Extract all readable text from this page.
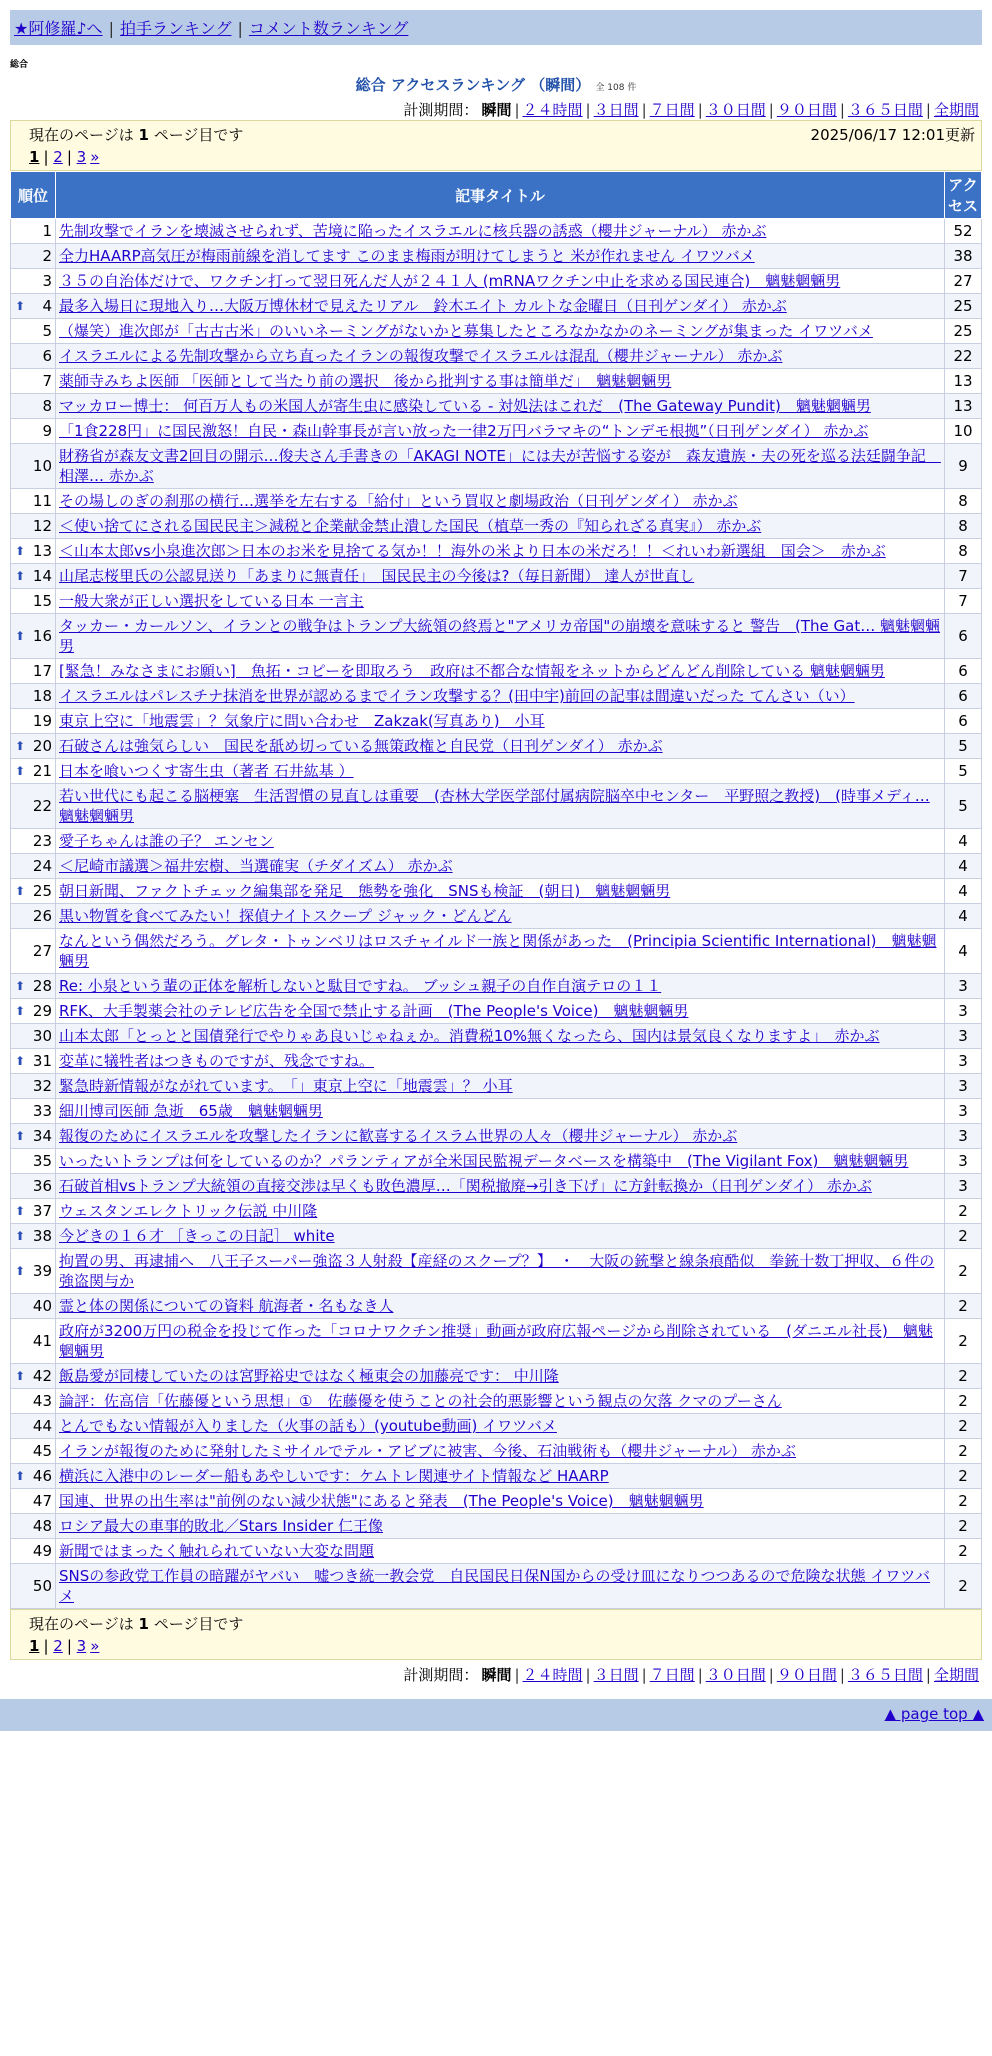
★阿修羅♪へ | 拍手ランキング | コメント数ランキング
総合
総合 アクセスランキング （瞬間） 全 108 件
計測期間： 瞬間 | ２４時間 | ３日間 | ７日間 | ３０日間 | ９０日間 | ３６５日間 | 全期間
現在のページは 1 ページ目です	2025/06/17 12:01更新
1 | 2 | 3 »
順位	記事タイトル	アクセス
1	先制攻撃でイランを壊滅させられず、苦境に陥ったイスラエルに核兵器の誘惑（櫻井ジャーナル） 赤かぶ	52
2	全力HAARP高気圧が梅雨前線を消してます このまま梅雨が明けてしまうと 米が作れません イワツバメ	38
3	３５の自治体だけで、ワクチン打って翌日死んだ人が２４１人 (mRNAワクチン中止を求める国民連合)　魑魅魍魎男	27

⬆ 4	最多入場日に現地入り…大阪万博休材で見えたリアル　鈴木エイト カルトな金曜日（日刊ゲンダイ） 赤かぶ	25
5	（爆笑）進次郎が「古古古米」のいいネーミングがないかと募集したところなかなかのネーミングが集まった イワツバメ	25
6	イスラエルによる先制攻撃から立ち直ったイランの報復攻撃でイスラエルは混乱（櫻井ジャーナル） 赤かぶ	22
7	薬師寺みちよ医師 「医師として当たり前の選択　後から批判する事は簡単だ」　魑魅魍魎男	13
8	マッカロー博士： 何百万人もの米国人が寄生虫に感染している - 対処法はこれだ　(The Gateway Pundit)　魑魅魍魎男	13
9	「1食228円」に国民激怒！自民・森山幹事長が言い放った一律2万円バラマキの“トンデモ根拠”（日刊ゲンダイ） 赤かぶ	10
10	財務省が森友文書2回目の開示…俊夫さん手書きの「AKAGI NOTE」には夫が苦悩する姿が　森友遺族・夫の死を巡る法廷闘争記　相澤… 赤かぶ	9
11	その場しのぎの刹那の横行…選挙を左右する「給付」という買収と劇場政治（日刊ゲンダイ） 赤かぶ	8
12	＜使い捨てにされる国民民主＞減税と企業献金禁止潰した国民（植草一秀の『知られざる真実』） 赤かぶ	8

⬆ 13	＜山本太郎vs小泉進次郎＞日本のお米を見捨てる気か！！海外の米より日本の米だろ！！＜れいわ新選組　国会＞　赤かぶ	8

⬆ 14	山尾志桜里氏の公認見送り「あまりに無責任」　国民民主の今後は?（毎日新聞） 達人が世直し	7
15	一般大衆が正しい選択をしている日本 一言主	7

⬆ 16	タッカー・カールソン、イランとの戦争はトランプ大統領の終焉と"アメリカ帝国"の崩壊を意味すると 警告　(The Gat… 魑魅魍魎男	6
17	[緊急！みなさまにお願い]　魚拓・コピーを即取ろう　政府は不都合な情報をネットからどんどん削除している 魑魅魍魎男	6
18	イスラエルはパレスチナ抹消を世界が認めるまでイラン攻撃する？(田中宇)前回の記事は間違いだった てんさい（い）	6
19	東京上空に「地震雲」？気象庁に問い合わせ　Zakzak(写真あり)　小耳	6

⬆ 20	石破さんは強気らしい　国民を舐め切っている無策政権と自民党（日刊ゲンダイ） 赤かぶ	5

⬆ 21	日本を喰いつくす寄生虫（著者 石井紘基 ）	5
22	若い世代にも起こる脳梗塞　生活習慣の見直しは重要　(杏林大学医学部付属病院脳卒中センター　平野照之教授)　(時事メディ… 魑魅魍魎男	5
23	愛子ちゃんは誰の子？ エンセン	4
24	＜尼崎市議選＞福井宏樹、当選確実（チダイズム） 赤かぶ	4

⬆ 25	朝日新聞、ファクトチェック編集部を発足　態勢を強化　SNSも検証　(朝日)　魑魅魍魎男	4
26	黒い物質を食べてみたい！探偵ナイトスクープ ジャック・どんどん	4
27	なんという偶然だろう。グレタ・トゥンベリはロスチャイルド一族と関係があった　(Principia Scientific International)　魑魅魍魎男	4

⬆ 28	Re: 小泉という輩の正体を解析しないと駄目ですね。 ブッシュ親子の自作自演テロの１１	3

⬆ 29	RFK、大手製薬会社のテレビ広告を全国で禁止する計画　(The People's Voice)　魑魅魍魎男	3
30	山本太郎「とっとと国債発行でやりゃあ良いじゃねぇか。消費税10%無くなったら、国内は景気良くなりますよ」　赤かぶ	3

⬆ 31	変革に犠牲者はつきものですが、残念ですね。	3
32	緊急時新情報がながれています。　「」東京上空に「地震雲」？ 小耳	3
33	細川博司医師 急逝　65歳　魑魅魍魎男	3

⬆ 34	報復のためにイスラエルを攻撃したイランに歓喜するイスラム世界の人々（櫻井ジャーナル） 赤かぶ	3
35	いったいトランプは何をしているのか？パランティアが全米国民監視データベースを構築中　(The Vigilant Fox)　魑魅魍魎男	3
36	石破首相vsトランプ大統領の直接交渉は早くも敗色濃厚…「関税撤廃→引き下げ」に方針転換か（日刊ゲンダイ） 赤かぶ	3

⬆ 37	ウェスタンエレクトリック伝説 中川隆	2

⬆ 38	今どきの１６才 ［きっこの日記］ white	2

⬆ 39	拘置の男、再逮捕へ　八王子スーパー強盗３人射殺【産経のスクープ？】　・　大阪の銃撃と線条痕酷似　拳銃十数丁押収、６件の強盗関与か	2
40	霊と体の関係についての資料 航海者・名もなき人	2
41	政府が3200万円の税金を投じて作った「コロナワクチン推奨」動画が政府広報ページから削除されている　(ダニエル社長)　魑魅魍魎男	2

⬆ 42	飯島愛が同棲していたのは宮野裕史ではなく極東会の加藤亮です： 中川隆	2
43	論評：佐高信「佐藤優という思想」①　佐藤優を使うことの社会的悪影響という観点の欠落 クマのプーさん	2
44	とんでもない情報が入りました（火事の話も）(youtube動画) イワツバメ	2
45	イランが報復のために発射したミサイルでテル・アビブに被害、今後、石油戦術も（櫻井ジャーナル） 赤かぶ	2

⬆ 46	横浜に入港中のレーダー船もあやしいです：ケムトレ関連サイト情報など HAARP	2
47	国連、世界の出生率は"前例のない減少状態"にあると発表　(The People's Voice)　魑魅魍魎男	2
48	ロシア最大の車事的敗北／Stars Insider 仁王像	2
49	新聞ではまったく触れられていない大変な問題	2
50	SNSの参政党工作員の暗躍がヤバい　嘘つき統一教会党　自民国民日保N国からの受け皿になりつつあるので危険な状態 イワツバメ	2
現在のページは 1 ページ目です
1 | 2 | 3 »
計測期間： 瞬間 | ２４時間 | ３日間 | ７日間 | ３０日間 | ９０日間 | ３６５日間 | 全期間
▲ page top ▲
